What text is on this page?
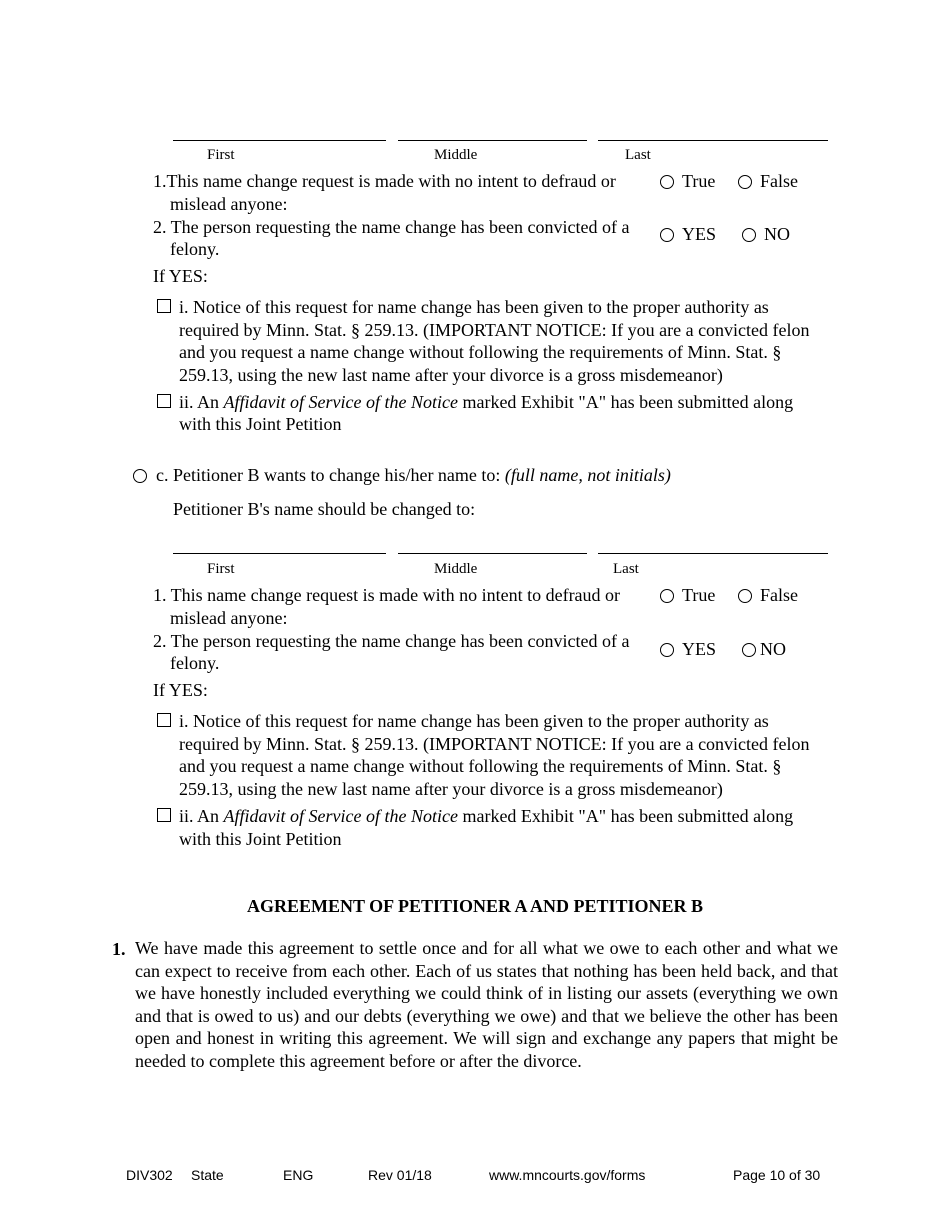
First	Middle	Last
1.This name change request is made with no intent to defraud or
mislead anyone:
True False
2. The person requesting the name change has been convicted of a
felony.
YES	NO
If YES:
i. Notice of this request for name change has been given to the proper authority as
required by Minn. Stat. § 259.13. (IMPORTANT NOTICE: If you are a convicted felon
and you request a name change without following the requirements of Minn. Stat. §
259.13, using the new last name after your divorce is a gross misdemeanor)
ii. An Affidavit of Service of the Notice marked Exhibit "A" has been submitted along
with this Joint Petition
c. Petitioner B wants to change his/her name to: (full name, not initials)
Petitioner B's name should be changed to:
First	Middle	Last
1. This name change request is made with no intent to defraud or
mislead anyone:
True False
2. The person requesting the name change has been convicted of a
felony.
YES NO
If YES:
i. Notice of this request for name change has been given to the proper authority as
required by Minn. Stat. § 259.13. (IMPORTANT NOTICE: If you are a convicted felon
and you request a name change without following the requirements of Minn. Stat. §
259.13, using the new last name after your divorce is a gross misdemeanor)
ii. An Affidavit of Service of the Notice marked Exhibit "A" has been submitted along
with this Joint Petition
AGREEMENT OF PETITIONER A AND PETITIONER B
1. We have made this agreement to settle once and for all what we owe to each other and what we can expect to receive from each other. Each of us states that nothing has been held back, and that we have honestly included everything we could think of in listing our assets (everything we own and that is owed to us) and our debts (everything we owe) and that we believe the other has been open and honest in writing this agreement. We will sign and exchange any papers that might be needed to complete this agreement before or after the divorce.
DIV302 State	ENG	Rev 01/18	www.mncourts.gov/forms	Page 10 of 30
